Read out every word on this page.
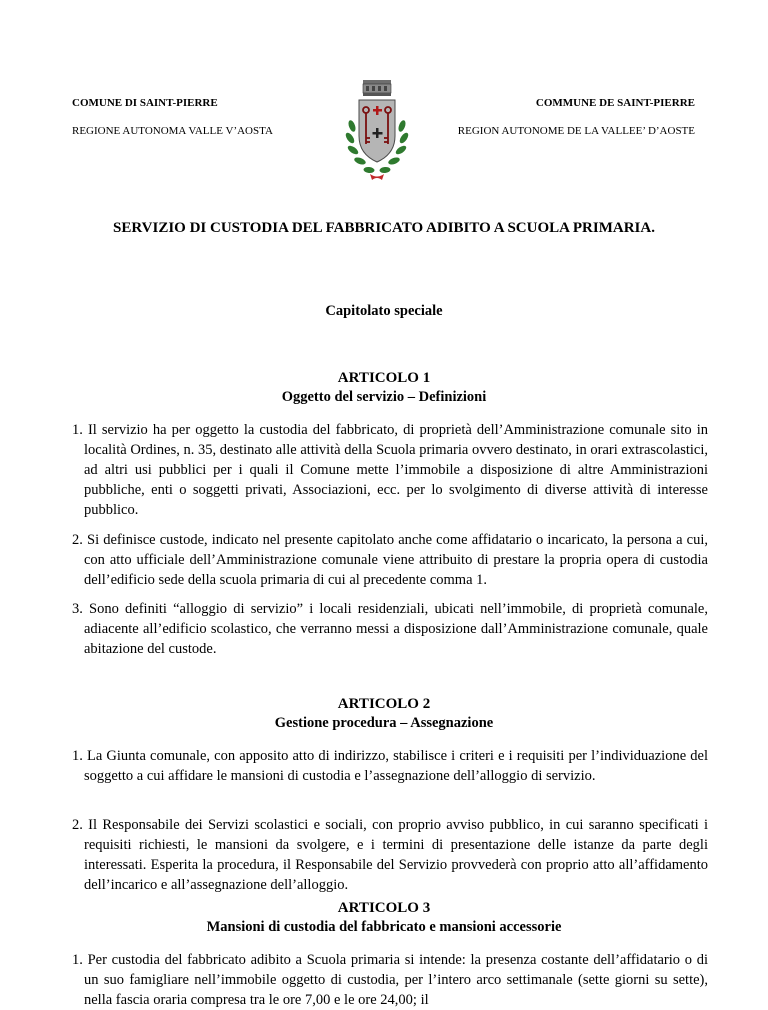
COMUNE DI SAINT-PIERRE
REGIONE AUTONOMA VALLE V’AOSTA
COMMUNE DE SAINT-PIERRE
REGION AUTONOME DE LA VALLEE’ D’AOSTE
SERVIZIO DI CUSTODIA DEL FABBRICATO ADIBITO A SCUOLA PRIMARIA.
Capitolato speciale
ARTICOLO 1
Oggetto del servizio – Definizioni
1. Il servizio ha per oggetto la custodia del fabbricato, di proprietà dell’Amministrazione comunale sito in località Ordines, n. 35, destinato alle attività della Scuola primaria ovvero destinato, in orari extrascolastici, ad altri usi pubblici per i quali il Comune mette l’immobile a disposizione di altre Amministrazioni pubbliche, enti o soggetti privati, Associazioni, ecc. per lo svolgimento di diverse attività di interesse pubblico.
2. Si definisce custode, indicato nel presente capitolato anche come affidatario o incaricato, la persona a cui, con atto ufficiale dell’Amministrazione comunale viene attribuito di prestare la propria opera di custodia dell’edificio sede della scuola primaria di cui al precedente comma 1.
3. Sono definiti “alloggio di servizio” i locali residenziali, ubicati nell’immobile, di proprietà comunale, adiacente all’edificio scolastico, che verranno messi a disposizione dall’Amministrazione comunale, quale abitazione del custode.
ARTICOLO 2
Gestione procedura – Assegnazione
1. La Giunta comunale, con apposito atto di indirizzo, stabilisce i criteri e i requisiti per l’individuazione del soggetto a cui affidare le mansioni di custodia e l’assegnazione dell’alloggio di servizio.
2. Il Responsabile dei Servizi scolastici e sociali, con proprio avviso pubblico, in cui saranno specificati i requisiti richiesti, le mansioni da svolgere, e i termini di presentazione delle istanze da parte degli interessati. Esperita la procedura, il Responsabile del Servizio provvederà con proprio atto all’affidamento dell’incarico e all’assegnazione dell’alloggio.
ARTICOLO 3
Mansioni di custodia del fabbricato e mansioni accessorie
1. Per custodia del fabbricato adibito a Scuola primaria si intende: la presenza costante dell’affidatario o di un suo famigliare nell’immobile oggetto di custodia, per l’intero arco settimanale (sette giorni su sette), nella fascia oraria compresa tra le ore 7,00 e le ore 24,00; il
